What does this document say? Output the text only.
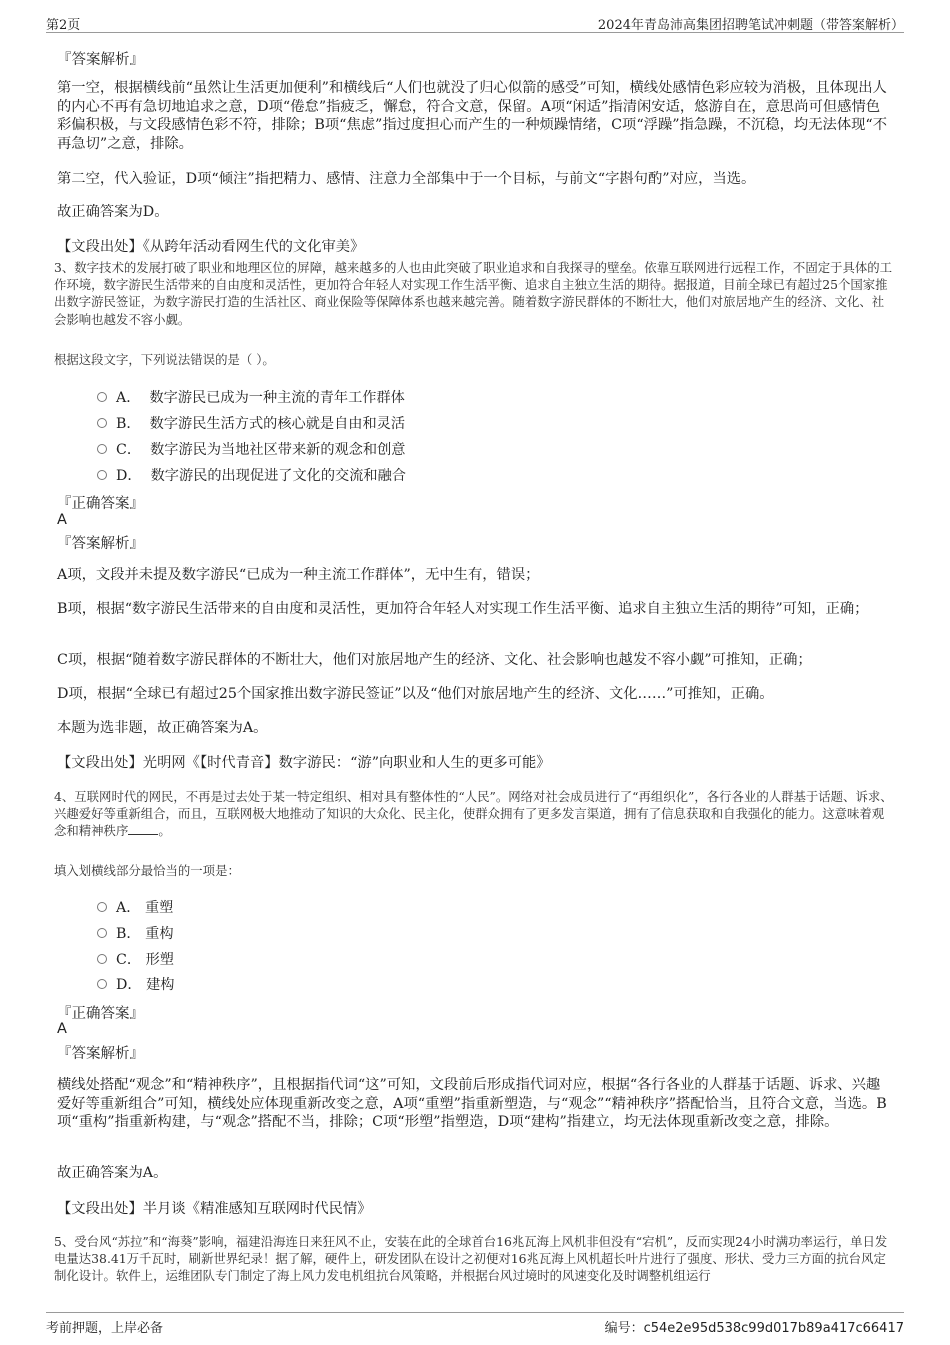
第2页	2024年青岛沛高集团招聘笔试冲刺题（带答案解析）
『答案解析』
第一空，根据横线前“虽然让生活更加便利”和横线后“人们也就没了归心似箭的感受”可知，横线处感情色彩应较为消极，且体现出人的内心不再有急切地追求之意，D项“倦怠”指疲乏，懈怠，符合文意，保留。A项“闲适”指清闲安适，悠游自在，意思尚可但感情色彩偏积极，与文段感情色彩不符，排除；B项“焦虑”指过度担心而产生的一种烦躁情绪，C项“浮躁”指急躁，不沉稳，均无法体现“不再急切”之意，排除。
第二空，代入验证，D项“倾注”指把精力、感情、注意力全部集中于一个目标，与前文“字斟句酌”对应，当选。
故正确答案为D。
【文段出处】《从跨年活动看网生代的文化审美》
3、数字技术的发展打破了职业和地理区位的屏障，越来越多的人也由此突破了职业追求和自我探寻的壁垒。依靠互联网进行远程工作，不固定于具体的工作环境，数字游民生活带来的自由度和灵活性，更加符合年轻人对实现工作生活平衡、追求自主独立生活的期待。据报道，目前全球已有超过25个国家推出数字游民签证，为数字游民打造的生活社区、商业保险等保障体系也越来越完善。随着数字游民群体的不断壮大，他们对旅居地产生的经济、文化、社会影响也越发不容小觑。
根据这段文字，下列说法错误的是（ ）。
A． 数字游民已成为一种主流的青年工作群体
B． 数字游民生活方式的核心就是自由和灵活
C． 数字游民为当地社区带来新的观念和创意
D． 数字游民的出现促进了文化的交流和融合
『正确答案』
A
『答案解析』
A项，文段并未提及数字游民“已成为一种主流工作群体”，无中生有，错误；
B项，根据“数字游民生活带来的自由度和灵活性，更加符合年轻人对实现工作生活平衡、追求自主独立生活的期待”可知，正确；
C项，根据“随着数字游民群体的不断壮大，他们对旅居地产生的经济、文化、社会影响也越发不容小觑”可推知，正确；
D项，根据“全球已有超过25个国家推出数字游民签证”以及“他们对旅居地产生的经济、文化……”可推知，正确。
本题为选非题，故正确答案为A。
【文段出处】光明网《【时代青音】数字游民：“游”向职业和人生的更多可能》
4、互联网时代的网民，不再是过去处于某一特定组织、相对具有整体性的“人民”。网络对社会成员进行了“再组织化”，各行各业的人群基于话题、诉求、兴趣爱好等重新组合，而且，互联网极大地推动了知识的大众化、民主化，使群众拥有了更多发言渠道，拥有了信息获取和自我强化的能力。这意味着观念和精神秩序 。
填入划横线部分最恰当的一项是：
A． 重塑
B． 重构
C． 形塑
D． 建构
『正确答案』
A
『答案解析』
横线处搭配“观念”和“精神秩序”，且根据指代词“这”可知，文段前后形成指代词对应，根据“各行各业的人群基于话题、诉求、兴趣爱好等重新组合”可知，横线处应体现重新改变之意，A项“重塑”指重新塑造，与“观念”“精神秩序”搭配恰当，且符合文意，当选。B项“重构”指重新构建，与“观念”搭配不当，排除；C项“形塑”指塑造，D项“建构”指建立，均无法体现重新改变之意，排除。
故正确答案为A。
【文段出处】半月谈《精准感知互联网时代民情》
5、受台风“苏拉”和“海葵”影响，福建沿海连日来狂风不止，安装在此的全球首台16兆瓦海上风机非但没有“宕机”，反而实现24小时满功率运行，单日发电量达38.41万千瓦时，刷新世界纪录！据了解，硬件上，研发团队在设计之初便对16兆瓦海上风机超长叶片进行了强度、形状、受力三方面的抗台风定制化设计。软件上，运维团队专门制定了海上风力发电机组抗台风策略，并根据台风过境时的风速变化及时调整机组运行
考前押题，上岸必备	编号：c54e2e95d538c99d017b89a417c66417
